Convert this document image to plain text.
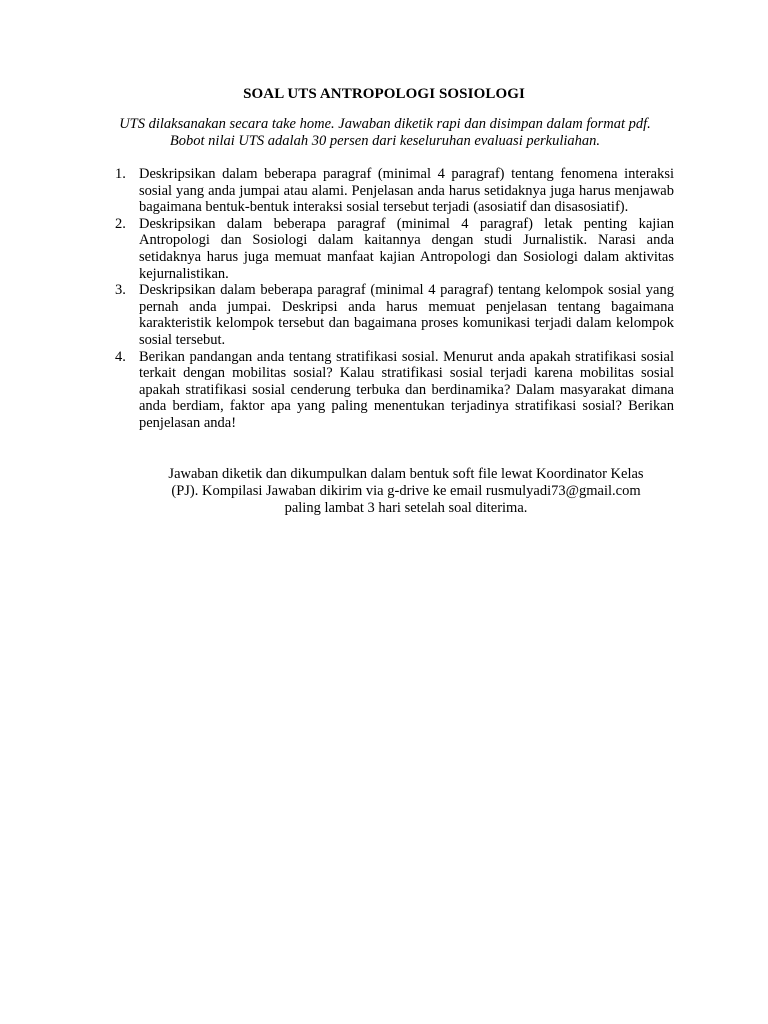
SOAL UTS ANTROPOLOGI SOSIOLOGI
UTS dilaksanakan secara take home. Jawaban diketik rapi dan disimpan dalam format pdf.
Bobot nilai UTS adalah 30 persen dari keseluruhan evaluasi perkuliahan.
1. Deskripsikan dalam beberapa paragraf (minimal 4 paragraf) tentang fenomena interaksi sosial yang anda jumpai atau alami. Penjelasan anda harus setidaknya juga harus menjawab bagaimana bentuk-bentuk interaksi sosial tersebut terjadi (asosiatif dan disasosiatif).
2. Deskripsikan dalam beberapa paragraf (minimal 4 paragraf) letak penting kajian Antropologi dan Sosiologi dalam kaitannya dengan studi Jurnalistik. Narasi anda setidaknya harus juga memuat manfaat kajian Antropologi dan Sosiologi dalam aktivitas kejurnalistikan.
3. Deskripsikan dalam beberapa paragraf (minimal 4 paragraf) tentang kelompok sosial yang pernah anda jumpai. Deskripsi anda harus memuat penjelasan tentang bagaimana karakteristik kelompok tersebut dan bagaimana proses komunikasi terjadi dalam kelompok sosial tersebut.
4. Berikan pandangan anda tentang stratifikasi sosial. Menurut anda apakah stratifikasi sosial terkait dengan mobilitas sosial? Kalau stratifikasi sosial terjadi karena mobilitas sosial apakah stratifikasi sosial cenderung terbuka dan berdinamika? Dalam masyarakat dimana anda berdiam, faktor apa yang paling menentukan terjadinya stratifikasi sosial? Berikan penjelasan anda!
Jawaban diketik dan dikumpulkan dalam bentuk soft file lewat Koordinator Kelas
(PJ). Kompilasi Jawaban dikirim via g-drive ke email rusmulyadi73@gmail.com
paling lambat 3 hari setelah soal diterima.
